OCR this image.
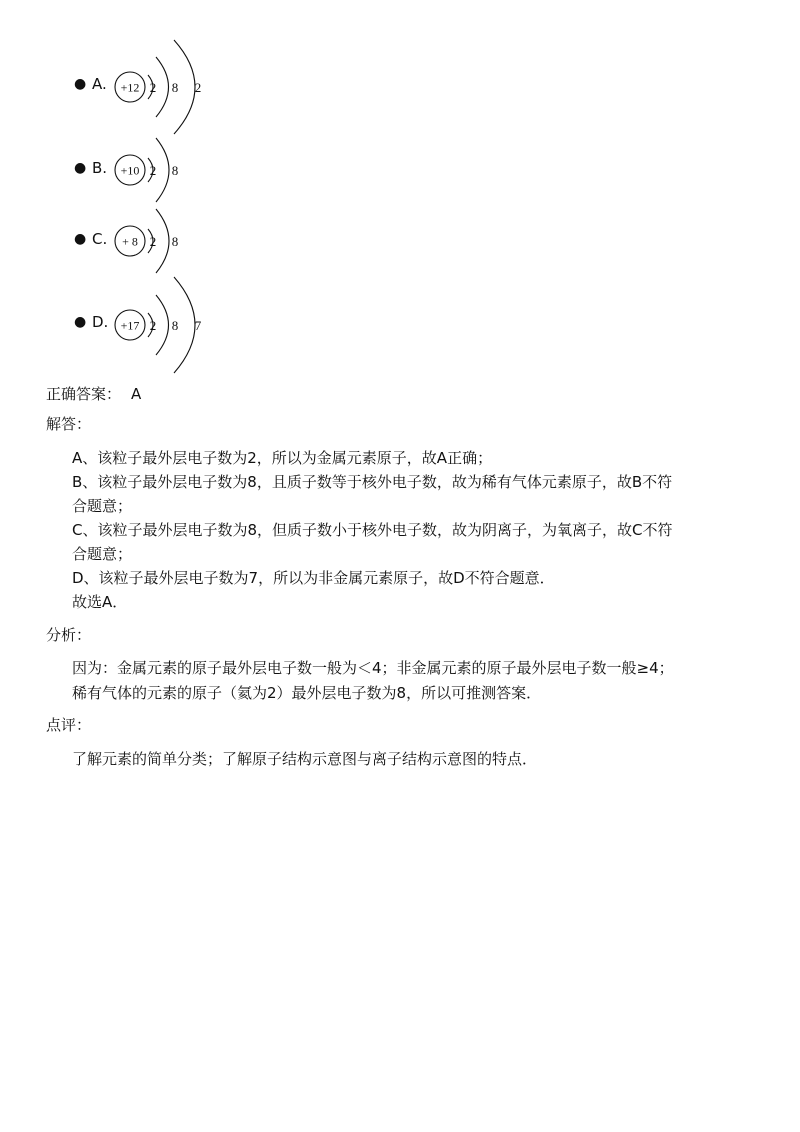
● A. +12 2 8 2
● B. +10 2 8
● C. + 8 2 8
● D. +17 2 8 7
正确答案： A
解答：
A、该粒子最外层电子数为2，所以为金属元素原子，故A正确；
B、该粒子最外层电子数为8，且质子数等于核外电子数，故为稀有气体元素原子，故B不符
合题意；
C、该粒子最外层电子数为8，但质子数小于核外电子数，故为阴离子，为氧离子，故C不符
合题意；
D、该粒子最外层电子数为7，所以为非金属元素原子，故D不符合题意．
故选A．
分析：
因为：金属元素的原子最外层电子数一般为＜4；非金属元素的原子最外层电子数一般≥4；
稀有气体的元素的原子（氦为2）最外层电子数为8，所以可推测答案．
点评：
了解元素的简单分类；了解原子结构示意图与离子结构示意图的特点．
